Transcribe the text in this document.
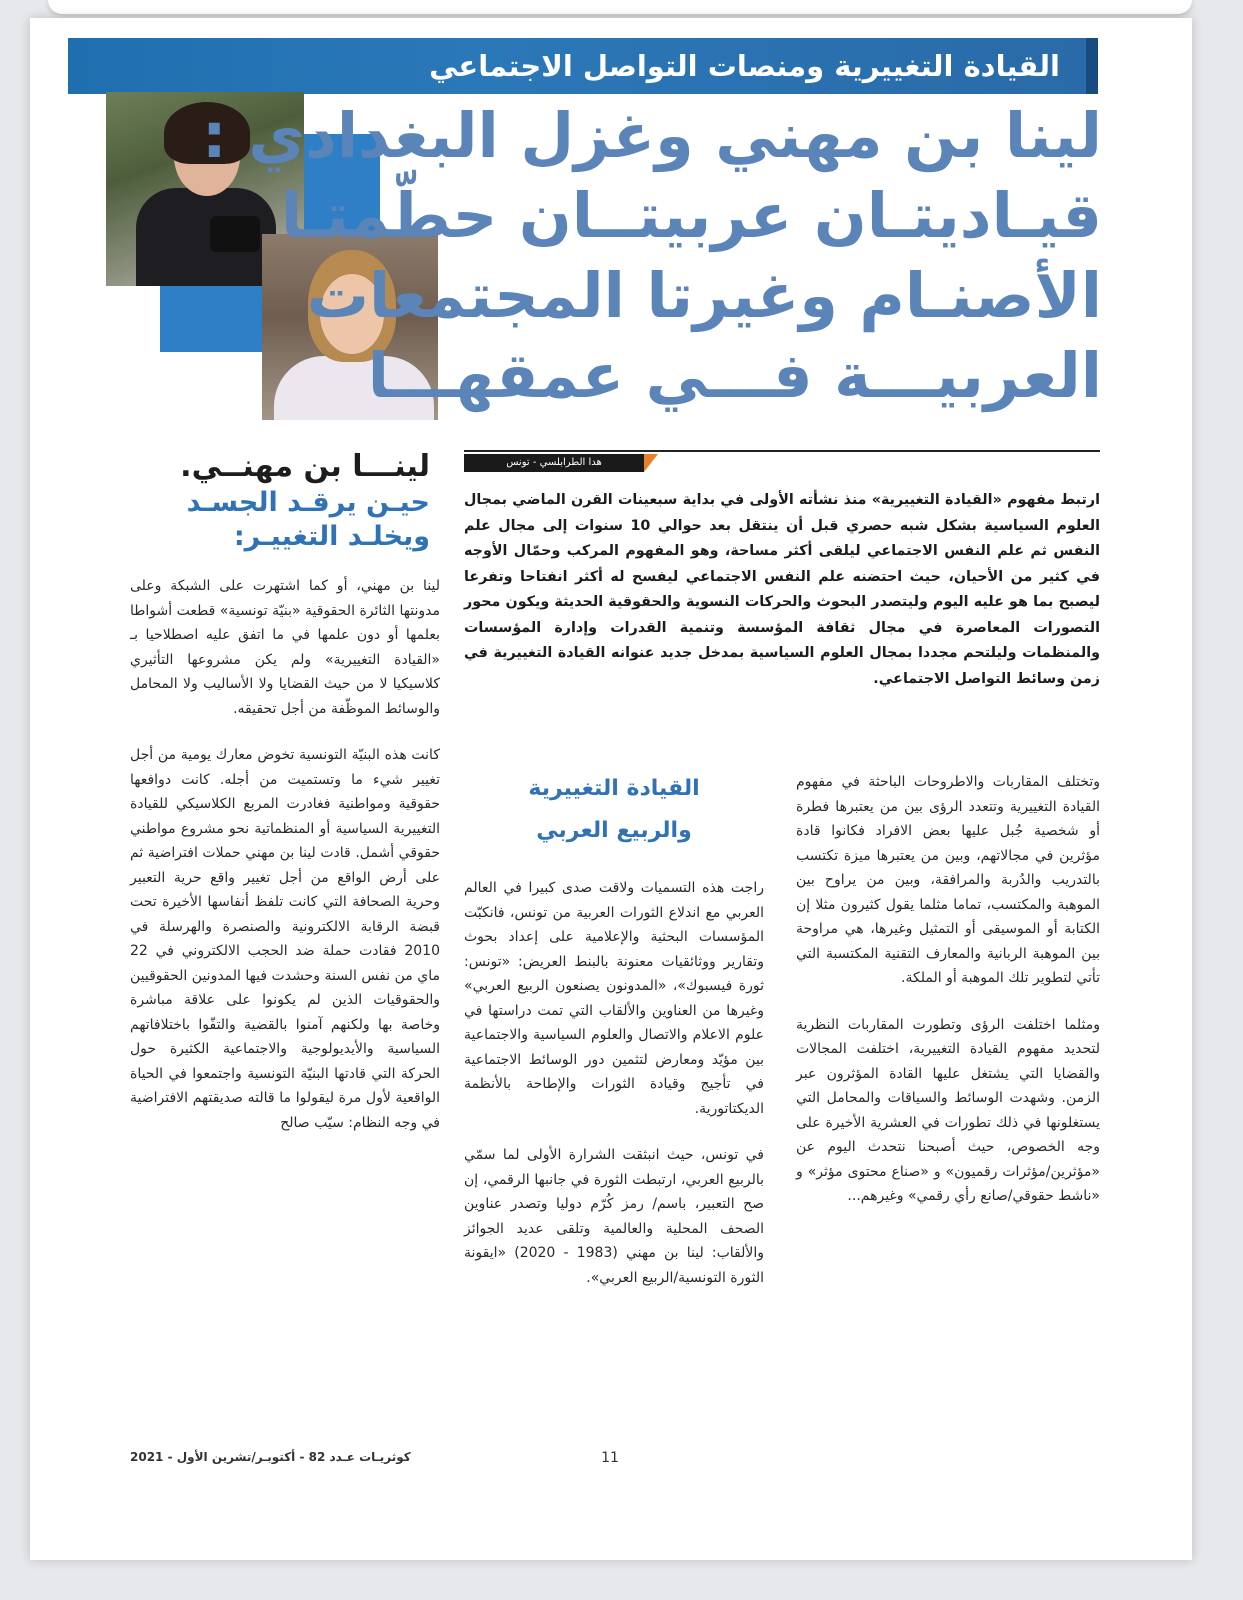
القيادة التغييرية ومنصات التواصل الاجتماعي
لينا بن مهني وغزل البغدادي :
قيـاديتـان عربيتــان حطّمتـا
الأصنـام وغيرتا المجتمعات
العربيـــة فـــي عمقهـــا
هدا الطرابلسي - تونس
ارتبط مفهوم «القيادة التغييرية» منذ نشأته الأولى في بداية سبعينات القرن الماضي بمجال العلوم السياسية بشكل شبه حصري قبل أن ينتقل بعد حوالي 10 سنوات إلى مجال علم النفس ثم علم النفس الاجتماعي ليلقى أكثر مساحة، وهو المفهوم المركب وحمّال الأوجه في كثير من الأحيان، حيث احتضنه علم النفس الاجتماعي ليفسح له أكثر انفتاحا وتفرعا ليصبح بما هو عليه اليوم وليتصدر البحوث والحركات النسوية والحقوقية الحديثة ويكون محور التصورات المعاصرة في مجال ثقافة المؤسسة وتنمية القدرات وإدارة المؤسسات والمنظمات وليلتحم مجددا بمجال العلوم السياسية بمدخل جديد عنوانه القيادة التغييرية في زمن وسائط التواصل الاجتماعي.
لينـــا بن مهنــي.
حيـن يرقـد الجسـد
ويخلـد التغييـر:

لينا بن مهني، أو كما اشتهرت على الشبكة وعلى مدونتها الثائرة الحقوقية «بنيّة تونسية» قطعت أشواطا بعلمها أو دون علمها في ما اتفق عليه اصطلاحيا بـ «القيادة التغييرية» ولم يكن مشروعها التأثيري كلاسيكيا لا من حيث القضايا ولا الأساليب ولا المحامل والوسائط الموظّفة من أجل تحقيقه.

كانت هذه البنيّة التونسية تخوض معارك يومية من أجل تغيير شيء ما وتستميت من أجله. كانت دوافعها حقوقية ومواطنية فغادرت المربع الكلاسيكي للقيادة التغييرية السياسية أو المنظماتية نحو مشروع مواطني حقوقي أشمل. قادت لينا بن مهني حملات افتراضية ثم على أرض الواقع من أجل تغيير واقع حرية التعبير وحرية الصحافة التي كانت تلفظ أنفاسها الأخيرة تحت قبضة الرقابة الالكترونية والصنصرة والهرسلة في 2010 فقادت حملة ضد الحجب الالكتروني في 22 ماي من نفس السنة وحشدت فيها المدونين الحقوقيين والحقوقيات الذين لم يكونوا على علاقة مباشرة وخاصة بها ولكنهم آمنوا بالقضية والتفّوا باختلافاتهم السياسية والأيديولوجية والاجتماعية الكثيرة حول الحركة التي قادتها البنيّة التونسية واجتمعوا في الحياة الواقعية لأول مرة ليقولوا ما قالته صديقتهم الافتراضية في وجه النظام: سيّب صالح

القيادة التغييرية
والربيع العربي

راجت هذه التسميات ولاقت صدى كبيرا في العالم العربي مع اندلاع الثورات العربية من تونس، فانكبّت المؤسسات البحثية والإعلامية على إعداد بحوث وتقارير ووثائقيات معنونة بالبنط العريض: «تونس: ثورة فيسبوك»، «المدونون يصنعون الربيع العربي» وغيرها من العناوين والألقاب التي تمت دراستها في علوم الاعلام والاتصال والعلوم السياسية والاجتماعية بين مؤيّد ومعارض لتثمين دور الوسائط الاجتماعية في تأجيج وقيادة الثورات والإطاحة بالأنظمة الديكتاتورية.

في تونس، حيث انبثقت الشرارة الأولى لما سمّي بالربيع العربي، ارتبطت الثورة في جانبها الرقمي، إن صح التعبير، باسم/ رمز كُرّم دوليا وتصدر عناوين الصحف المحلية والعالمية وتلقى عديد الجوائز والألقاب: لينا بن مهني (1983 - 2020) «ايقونة الثورة التونسية/الربيع العربي».

وتختلف المقاربات والاطروحات الباحثة في مفهوم القيادة التغييرية وتتعدد الرؤى بين من يعتبرها فطرة أو شخصية جُبل عليها بعض الافراد فكانوا قادة مؤثرين في مجالاتهم، وبين من يعتبرها ميزة تكتسب بالتدريب والدُربة والمرافقة، وبين من يراوح بين الموهبة والمكتسب، تماما مثلما يقول كثيرون مثلا إن الكتابة أو الموسيقى أو التمثيل وغيرها، هي مراوحة بين الموهبة الربانية والمعارف التقنية المكتسبة التي تأتي لتطوير تلك الموهبة أو الملكة.

ومثلما اختلفت الرؤى وتطورت المقاربات النظرية لتحديد مفهوم القيادة التغييرية، اختلفت المجالات والقضايا التي يشتغل عليها القادة المؤثرون عبر الزمن. وشهدت الوسائط والسياقات والمحامل التي يستغلونها في ذلك تطورات في العشرية الأخيرة على وجه الخصوص، حيث أصبحنا نتحدث اليوم عن «مؤثرين/مؤثرات رقميون» و «صناع محتوى مؤثر» و «ناشط حقوقي/صانع رأي رقمي» وغيرهم...

كوثريـات عـدد 82 - أكتوبـر/تشرين الأول - 2021	11
